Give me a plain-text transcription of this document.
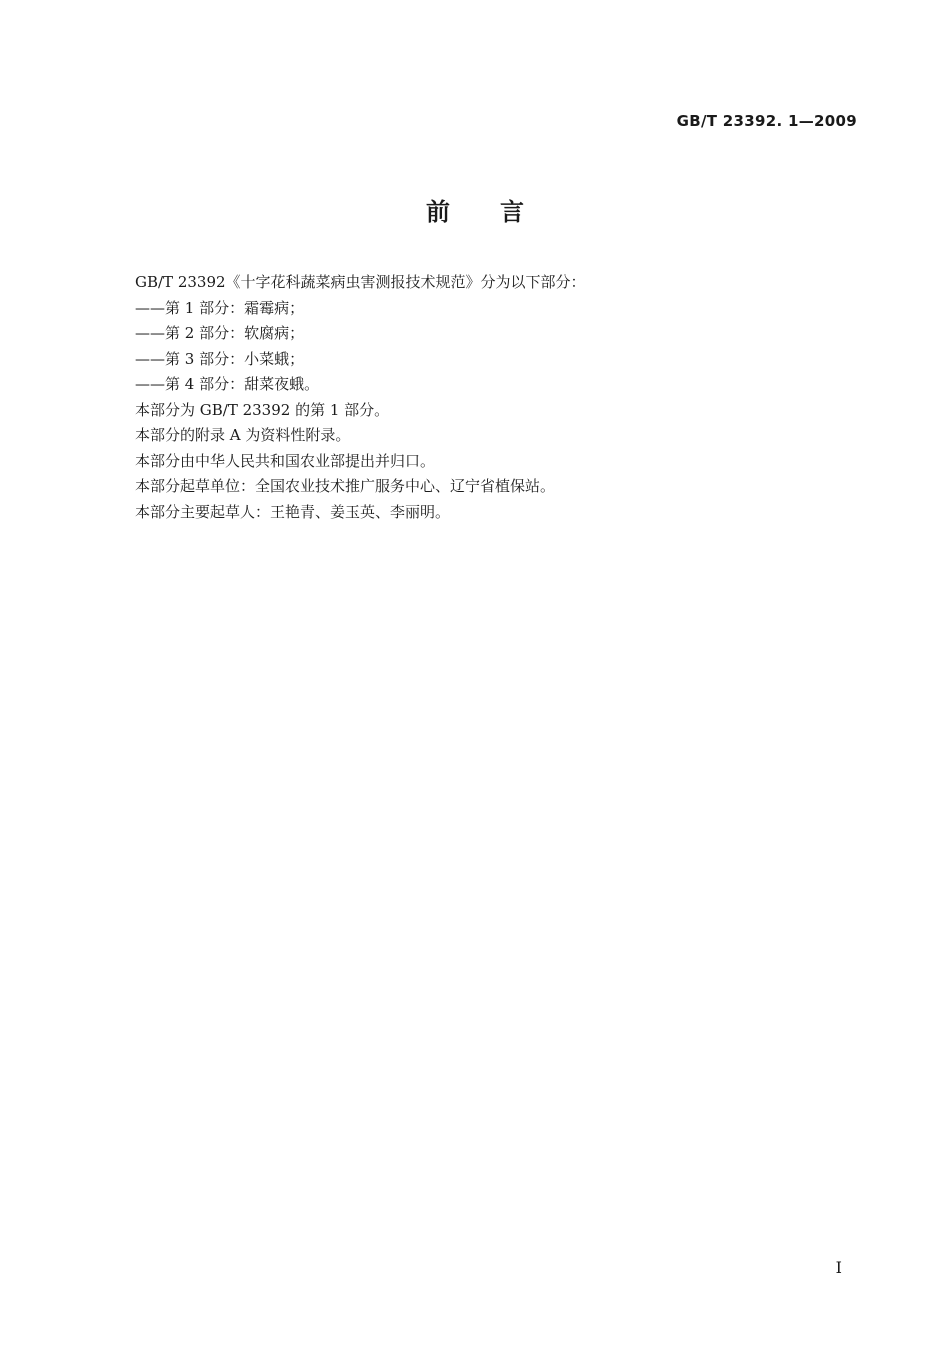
GB/T 23392. 1—2009
前言

GB/T 23392《十字花科蔬菜病虫害测报技术规范》分为以下部分：

——第 1 部分：霜霉病；

——第 2 部分：软腐病；

——第 3 部分：小菜蛾；

——第 4 部分：甜菜夜蛾。

本部分为 GB/T 23392 的第 1 部分。

本部分的附录 A 为资料性附录。

本部分由中华人民共和国农业部提出并归口。

本部分起草单位：全国农业技术推广服务中心、辽宁省植保站。

本部分主要起草人：王艳青、姜玉英、李丽明。

I
